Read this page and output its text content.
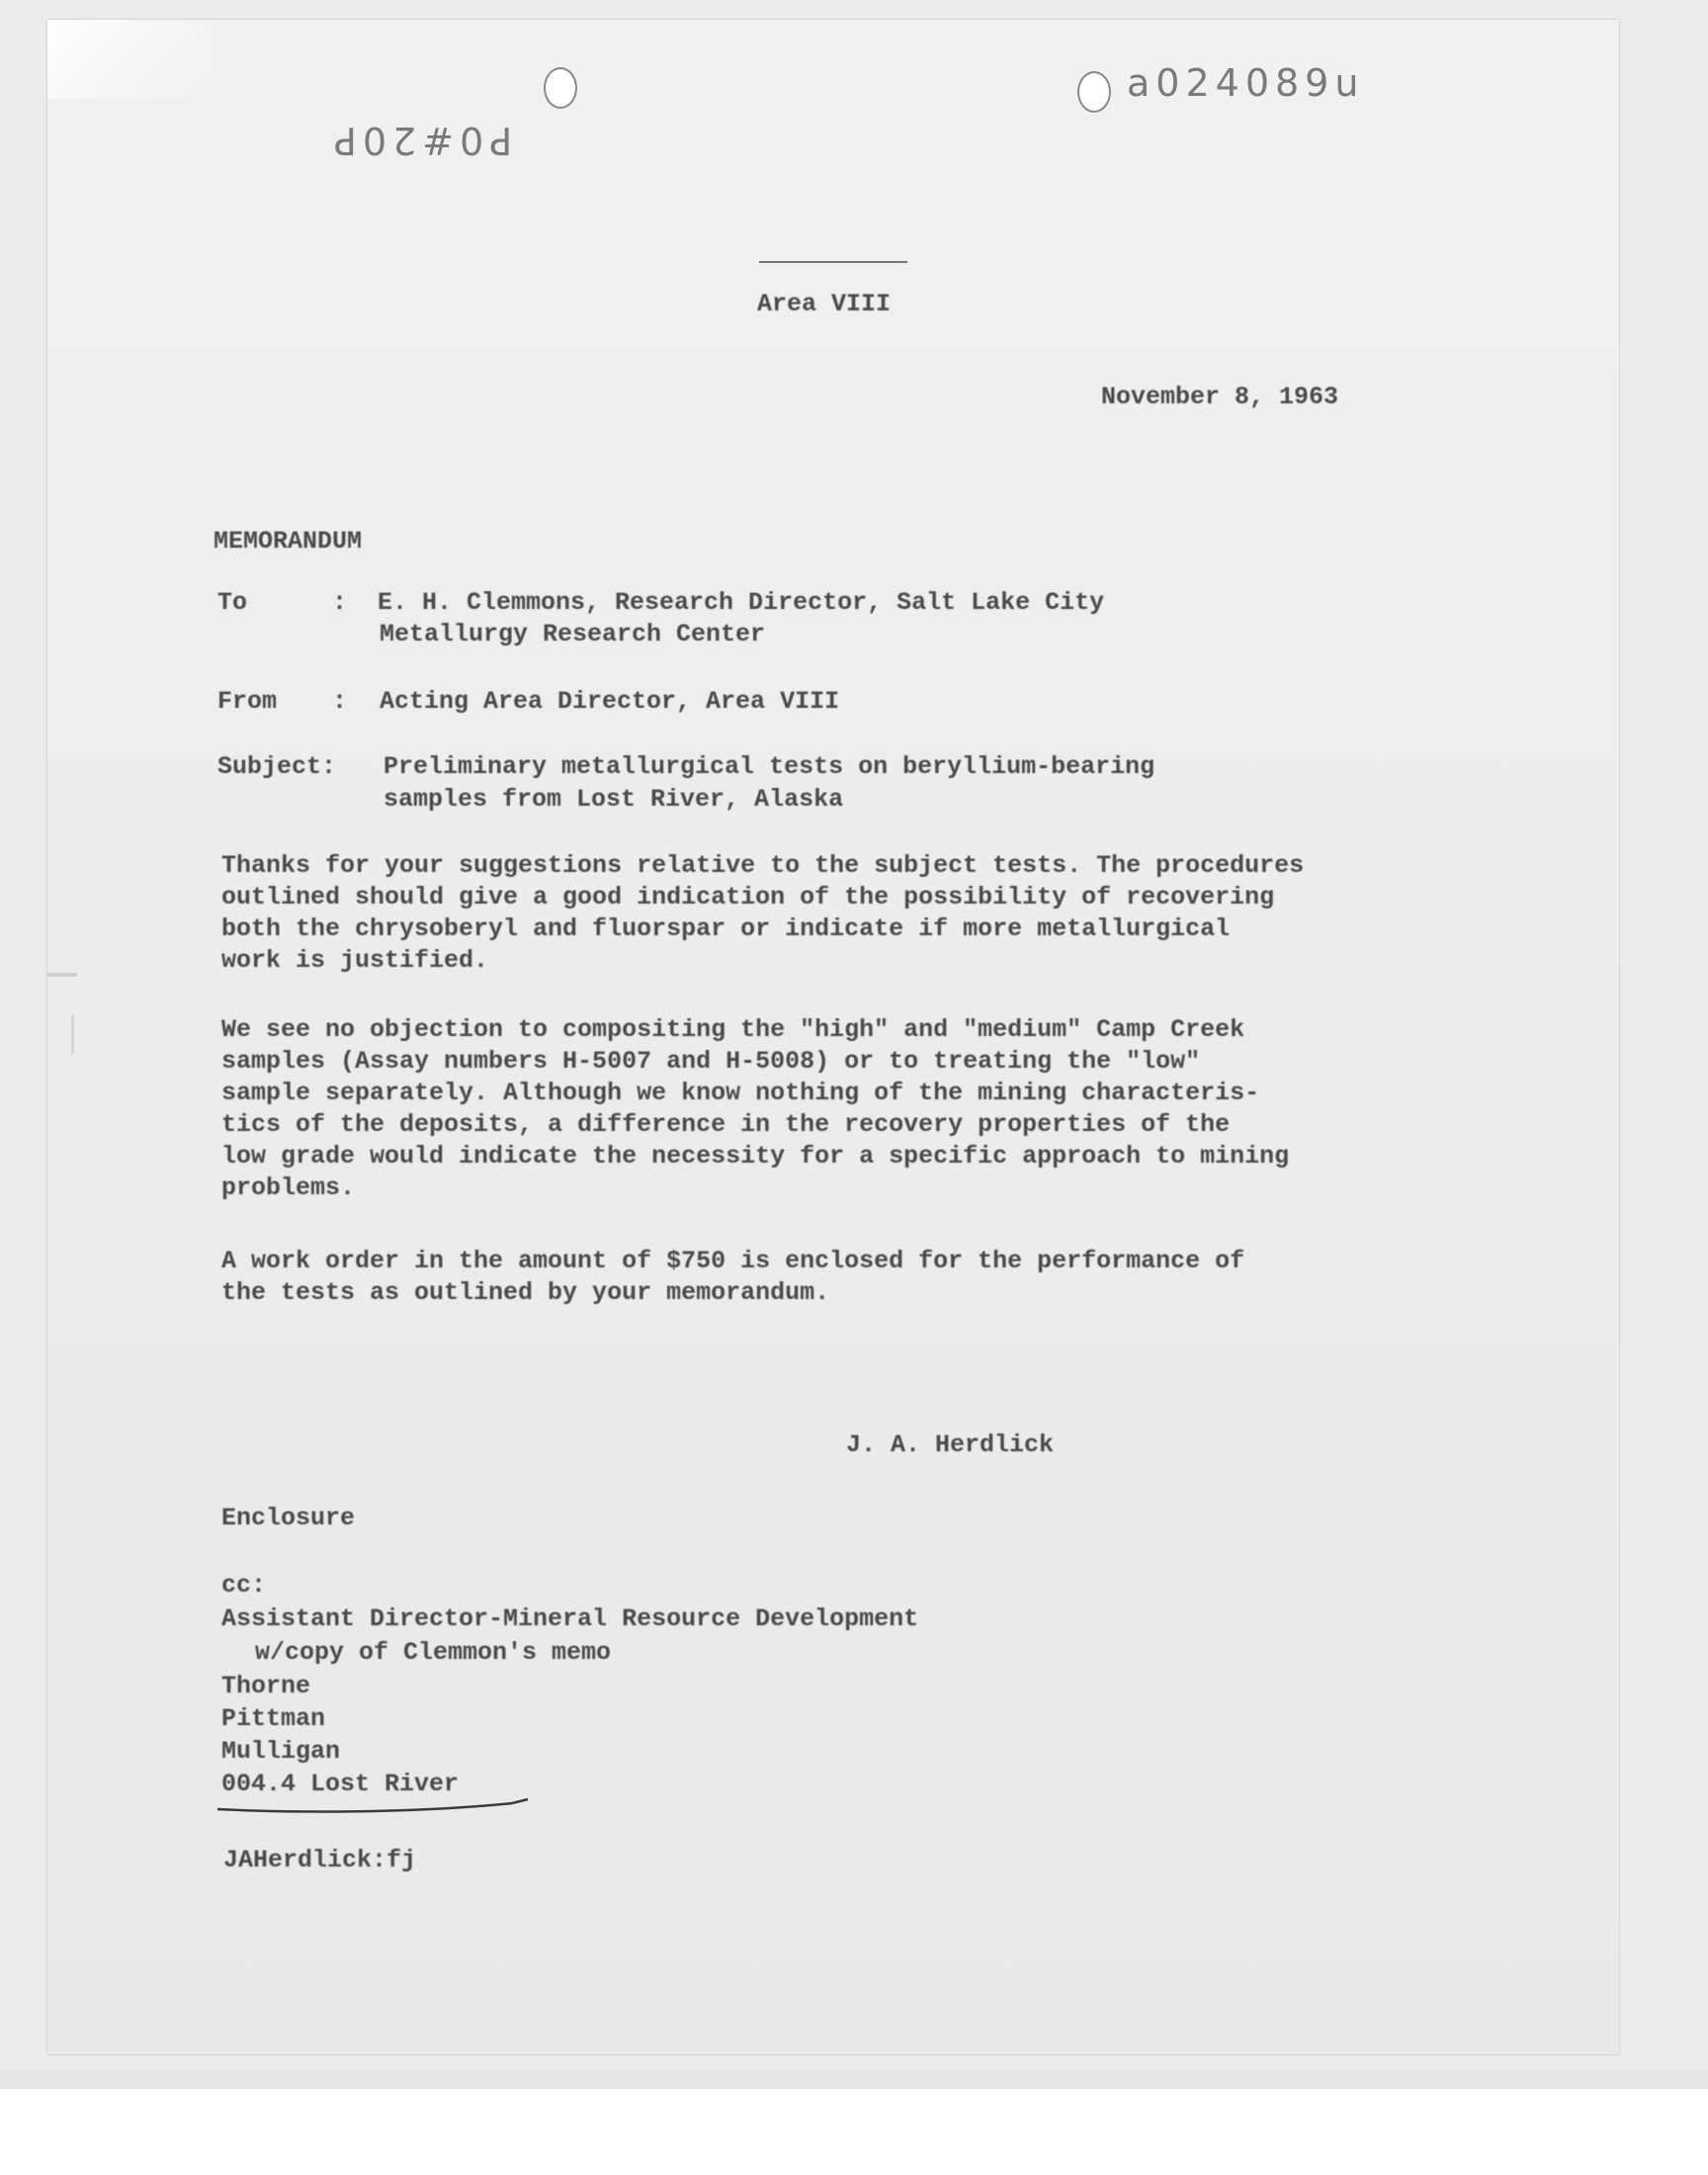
a024089u
P0#20P
Area VIII
November 8, 1963
MEMORANDUM
To	: E. H. Clemmons, Research Director, Salt Lake City
Metallurgy Research Center
From : Acting Area Director, Area VIII
Subject: Preliminary metallurgical tests on beryllium-bearing
samples from Lost River, Alaska
Thanks for your suggestions relative to the subject tests. The procedures
outlined should give a good indication of the possibility of recovering
both the chrysoberyl and fluorspar or indicate if more metallurgical
work is justified.
We see no objection to compositing the "high" and "medium" Camp Creek
samples (Assay numbers H-5007 and H-5008) or to treating the "low"
sample separately. Although we know nothing of the mining characteris-
tics of the deposits, a difference in the recovery properties of the
low grade would indicate the necessity for a specific approach to mining
problems.
A work order in the amount of $750 is enclosed for the performance of
the tests as outlined by your memorandum.
J. A. Herdlick
Enclosure
cc:
Assistant Director-Mineral Resource Development
w/copy of Clemmon's memo
Thorne
Pittman
Mulligan
004.4 Lost River
JAHerdlick:fj
